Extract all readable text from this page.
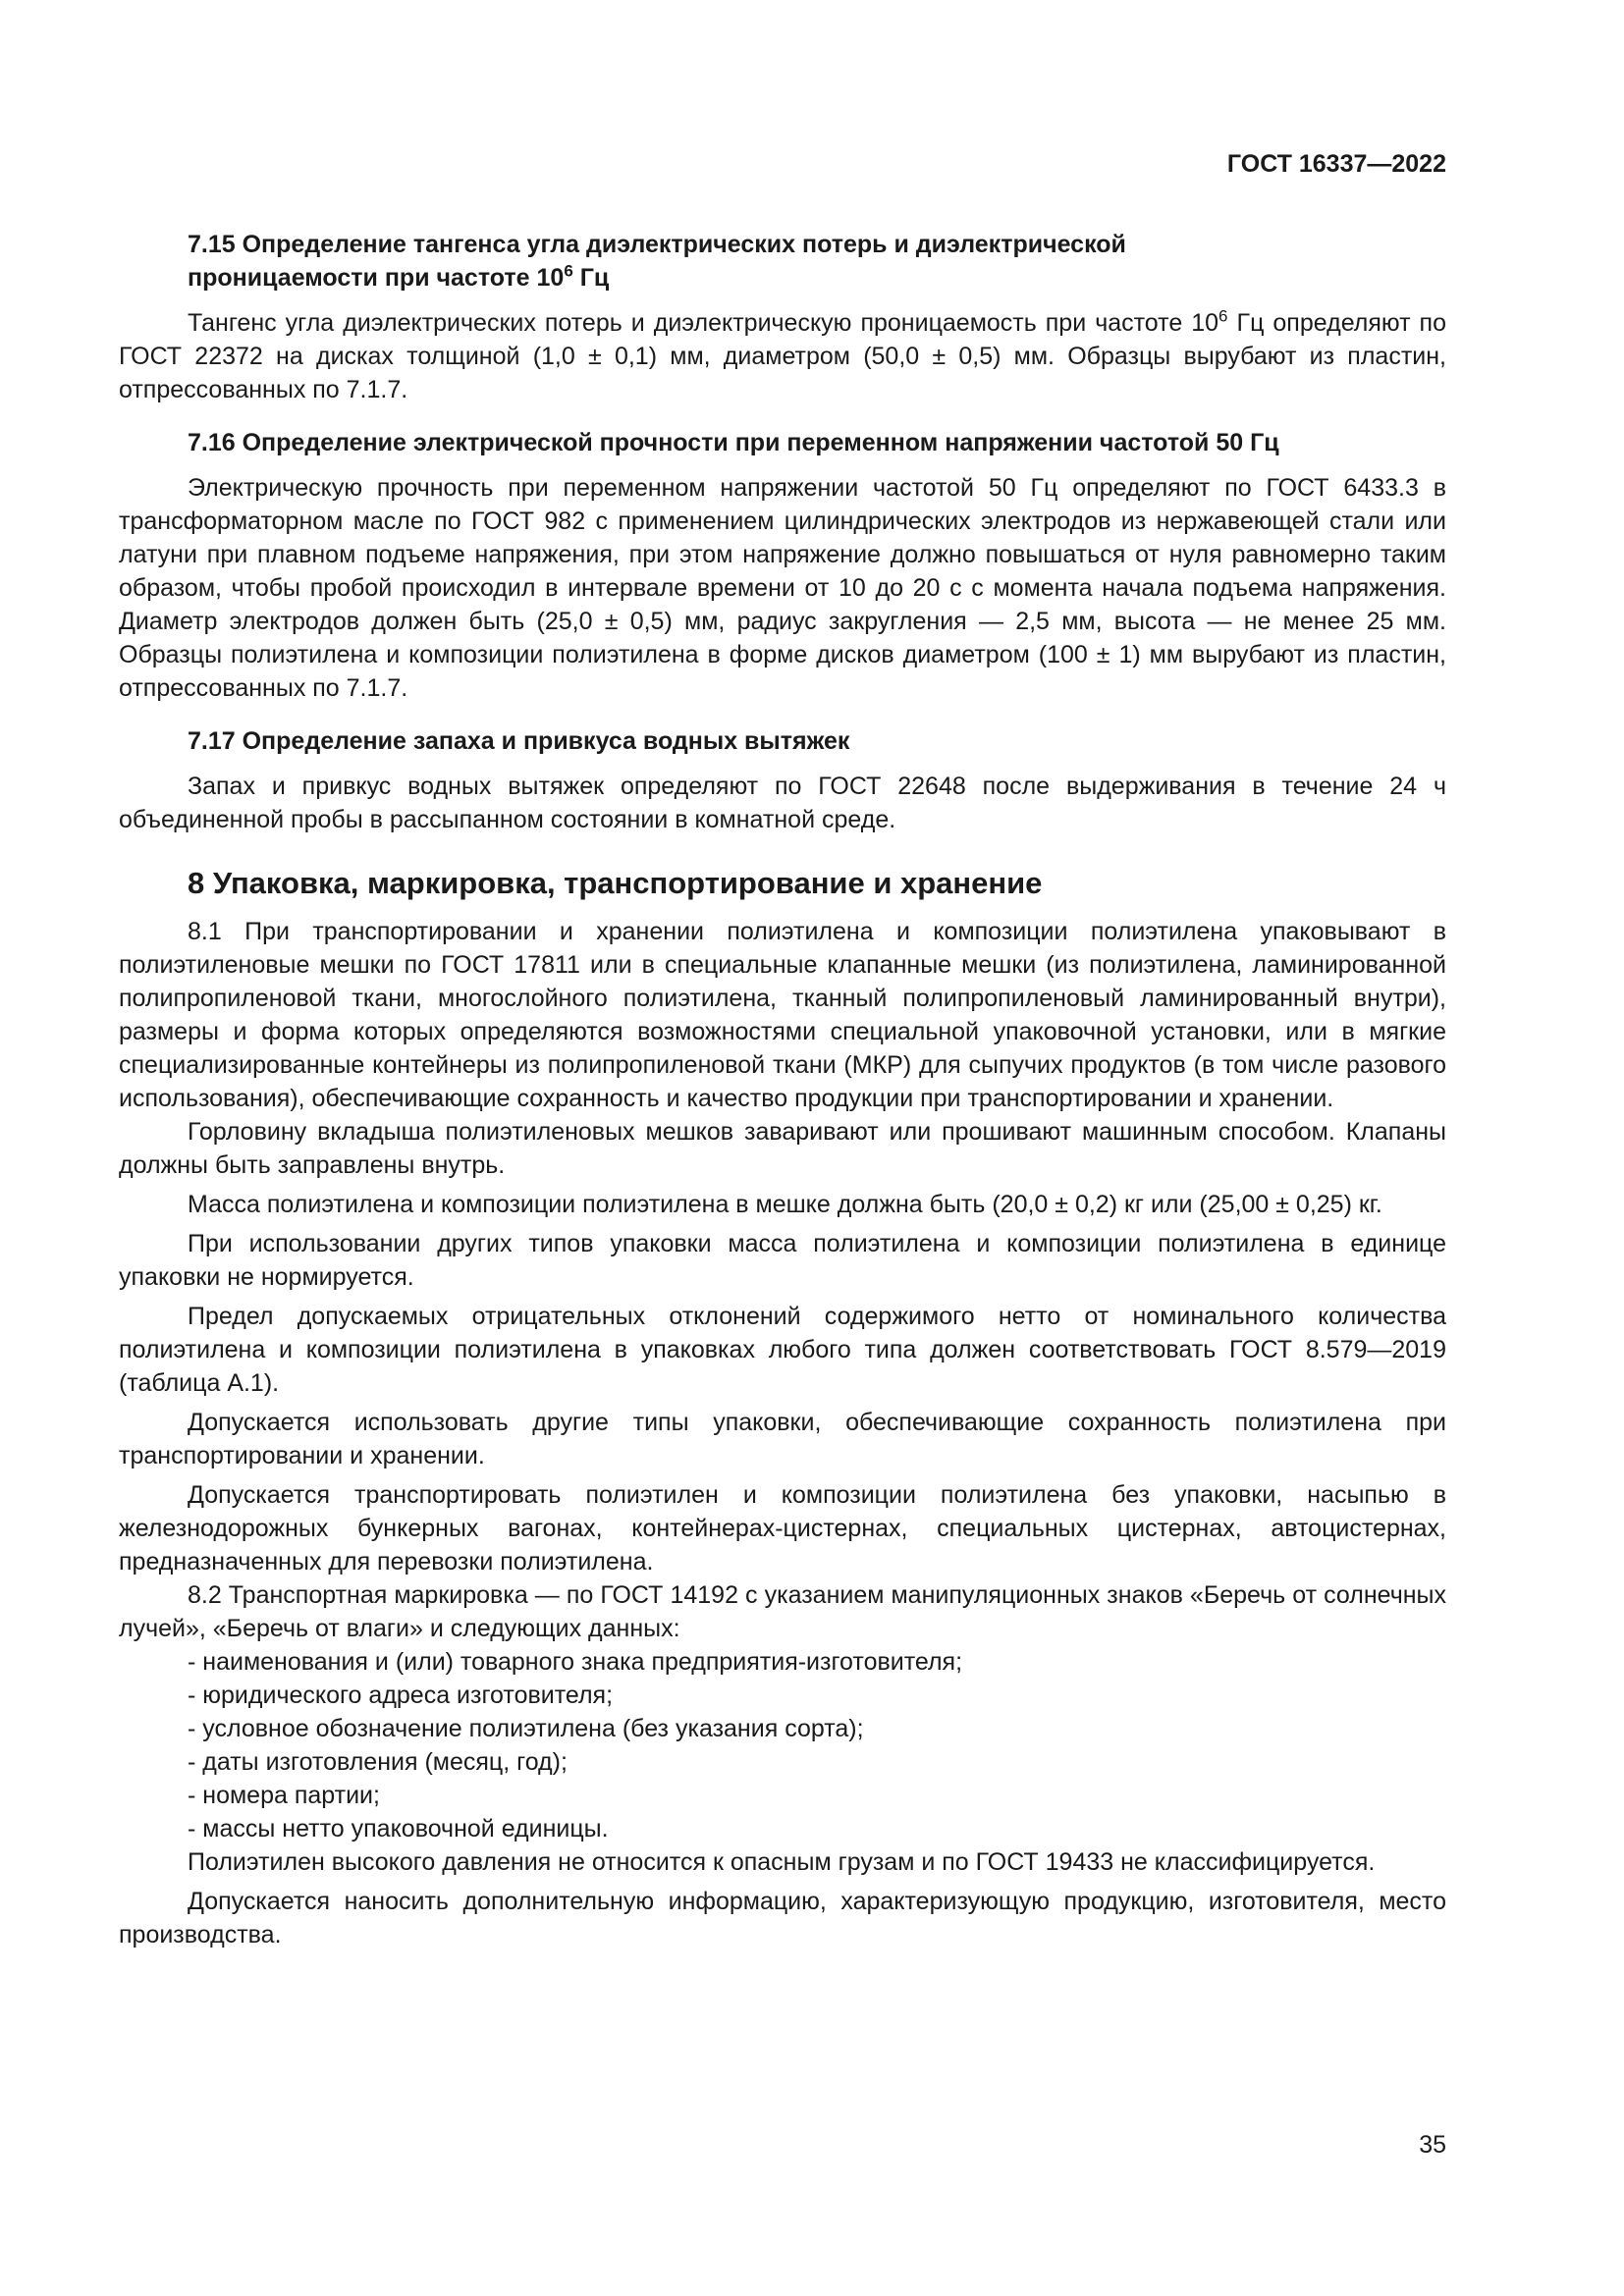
ГОСТ 16337—2022
7.15 Определение тангенса угла диэлектрических потерь и диэлектрической
проницаемости при частоте $10^6$ Гц

Тангенс угла диэлектрических потерь и диэлектрическую проницаемость при частоте $10^6$ Гц определяют по ГОСТ 22372 на дисках толщиной (1,0 ± 0,1) мм, диаметром (50,0 ± 0,5) мм. Образцы вырубают из пластин, отпрессованных по 7.1.7.

7.16 Определение электрической прочности при переменном напряжении частотой 50 Гц

Электрическую прочность при переменном напряжении частотой 50 Гц определяют по ГОСТ 6433.3 в трансформаторном масле по ГОСТ 982 с применением цилиндрических электродов из нержавеющей стали или латуни при плавном подъеме напряжения, при этом напряжение должно повышаться от нуля равномерно таким образом, чтобы пробой происходил в интервале времени от 10 до 20 с с момента начала подъема напряжения. Диаметр электродов должен быть (25,0 ± 0,5) мм, радиус закругления — 2,5 мм, высота — не менее 25 мм. Образцы полиэтилена и композиции полиэтилена в форме дисков диаметром (100 ± 1) мм вырубают из пластин, отпрессованных по 7.1.7.

7.17 Определение запаха и привкуса водных вытяжек

Запах и привкус водных вытяжек определяют по ГОСТ 22648 после выдерживания в течение 24 ч объединенной пробы в рассыпанном состоянии в комнатной среде.

8 Упаковка, маркировка, транспортирование и хранение

8.1 При транспортировании и хранении полиэтилена и композиции полиэтилена упаковывают в полиэтиленовые мешки по ГОСТ 17811 или в специальные клапанные мешки (из полиэтилена, ламинированной полипропиленовой ткани, многослойного полиэтилена, тканный полипропиленовый ламинированный внутри), размеры и форма которых определяются возможностями специальной упаковочной установки, или в мягкие специализированные контейнеры из полипропиленовой ткани (МКР) для сыпучих продуктов (в том числе разового использования), обеспечивающие сохранность и качество продукции при транспортировании и хранении.

Горловину вкладыша полиэтиленовых мешков заваривают или прошивают машинным способом. Клапаны должны быть заправлены внутрь.

Масса полиэтилена и композиции полиэтилена в мешке должна быть (20,0 ± 0,2) кг или (25,00 ± 0,25) кг.

При использовании других типов упаковки масса полиэтилена и композиции полиэтилена в единице упаковки не нормируется.

Предел допускаемых отрицательных отклонений содержимого нетто от номинального количества полиэтилена и композиции полиэтилена в упаковках любого типа должен соответствовать ГОСТ 8.579—2019 (таблица А.1).

Допускается использовать другие типы упаковки, обеспечивающие сохранность полиэтилена при транспортировании и хранении.

Допускается транспортировать полиэтилен и композиции полиэтилена без упаковки, насыпью в железнодорожных бункерных вагонах, контейнерах-цистернах, специальных цистернах, автоцистернах, предназначенных для перевозки полиэтилена.

8.2 Транспортная маркировка — по ГОСТ 14192 с указанием манипуляционных знаков «Беречь от солнечных лучей», «Беречь от влаги» и следующих данных:

- наименования и (или) товарного знака предприятия-изготовителя;
- юридического адреса изготовителя;
- условное обозначение полиэтилена (без указания сорта);
- даты изготовления (месяц, год);
- номера партии;
- массы нетто упаковочной единицы.

Полиэтилен высокого давления не относится к опасным грузам и по ГОСТ 19433 не классифицируется.

Допускается наносить дополнительную информацию, характеризующую продукцию, изготовителя, место производства.

35
